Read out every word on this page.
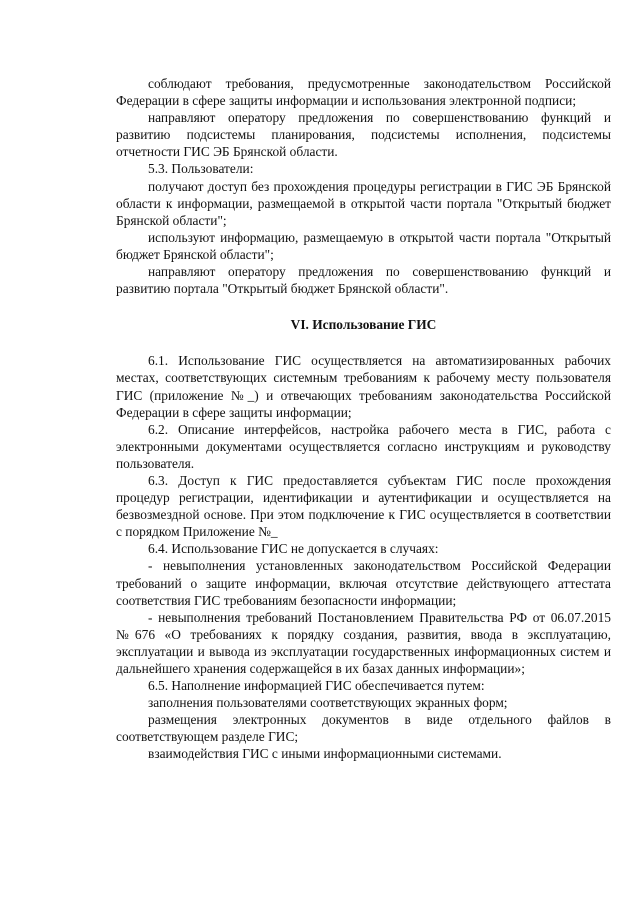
соблюдают требования, предусмотренные законодательством Российской Федерации в сфере защиты информации и использования электронной подписи;

направляют оператору предложения по совершенствованию функций и развитию подсистемы планирования, подсистемы исполнения, подсистемы отчетности ГИС ЭБ Брянской области.

5.3. Пользователи:

получают доступ без прохождения процедуры регистрации в ГИС ЭБ Брянской области к информации, размещаемой в открытой части портала "Открытый бюджет Брянской области";

используют информацию, размещаемую в открытой части портала "Открытый бюджет Брянской области";

направляют оператору предложения по совершенствованию функций и развитию портала "Открытый бюджет Брянской области".

VI. Использование ГИС

6.1. Использование ГИС осуществляется на автоматизированных рабочих местах, соответствующих системным требованиям к рабочему месту пользователя ГИС (приложение №_) и отвечающих требованиям законодательства Российской Федерации в сфере защиты информации;

6.2. Описание интерфейсов, настройка рабочего места в ГИС, работа с электронными документами осуществляется согласно инструкциям и руководству пользователя.

6.3. Доступ к ГИС предоставляется субъектам ГИС после прохождения процедур регистрации, идентификации и аутентификации и осуществляется на безвозмездной основе. При этом подключение к ГИС осуществляется в соответствии с порядком Приложение №_

6.4. Использование ГИС не допускается в случаях:

- невыполнения установленных законодательством Российской Федерации требований о защите информации, включая отсутствие действующего аттестата соответствия ГИС требованиям безопасности информации;

- невыполнения требований Постановлением Правительства РФ от 06.07.2015 №676 «О требованиях к порядку создания, развития, ввода в эксплуатацию, эксплуатации и вывода из эксплуатации государственных информационных систем и дальнейшего хранения содержащейся в их базах данных информации»;

6.5. Наполнение информацией ГИС обеспечивается путем:

заполнения пользователями соответствующих экранных форм;

размещения электронных документов в виде отдельного файлов в соответствующем разделе ГИС;

взаимодействия ГИС с иными информационными системами.
